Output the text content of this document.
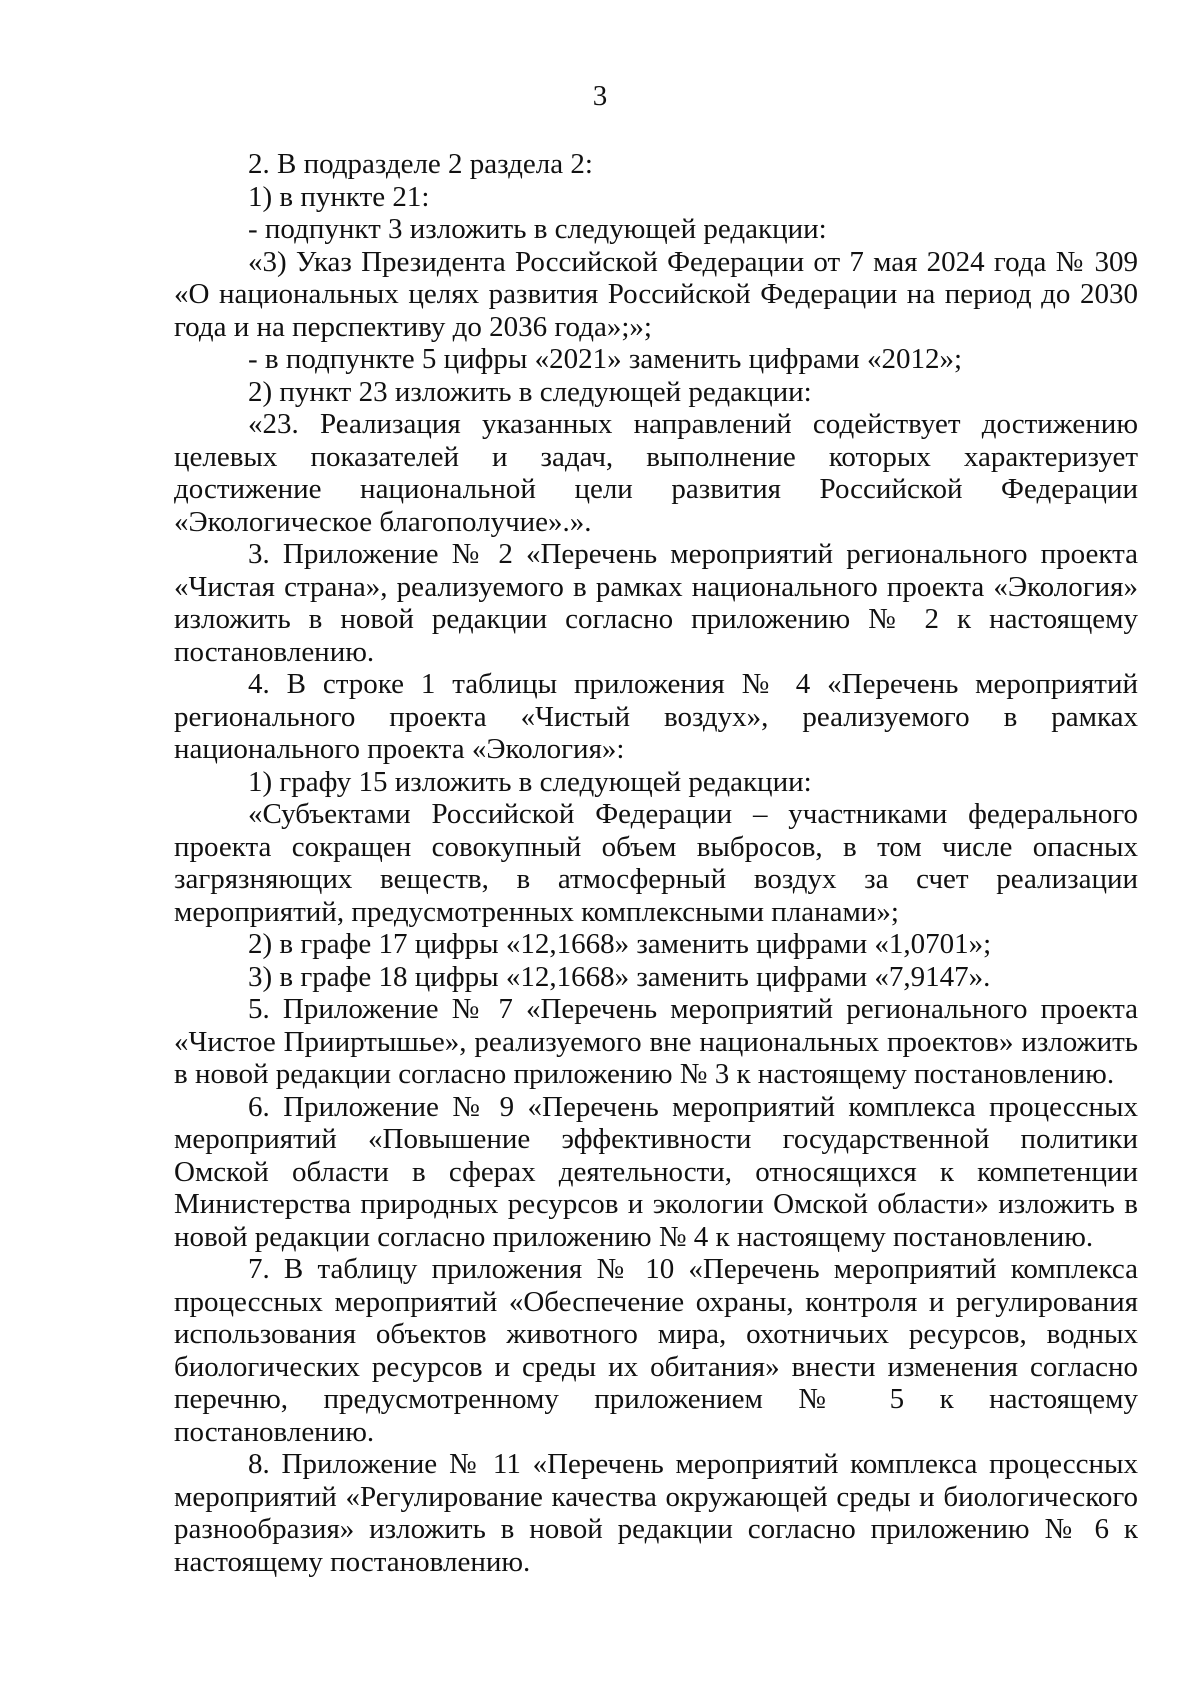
3

2. В подразделе 2 раздела 2:

1) в пункте 21:

- подпункт 3 изложить в следующей редакции:

«3) Указ Президента Российской Федерации от 7 мая 2024 года № 309 «О национальных целях развития Российской Федерации на период до 2030 года и на перспективу до 2036 года»;»;

- в подпункте 5 цифры «2021» заменить цифрами «2012»;

2) пункт 23 изложить в следующей редакции:

«23. Реализация указанных направлений содействует достижению целевых показателей и задач, выполнение которых характеризует достижение национальной цели развития Российской Федерации «Экологическое благополучие».».

3. Приложение № 2 «Перечень мероприятий регионального проекта «Чистая страна», реализуемого в рамках национального проекта «Экология» изложить в новой редакции согласно приложению № 2 к настоящему постановлению.

4. В строке 1 таблицы приложения № 4 «Перечень мероприятий регионального проекта «Чистый воздух», реализуемого в рамках национального проекта «Экология»:

1) графу 15 изложить в следующей редакции:

«Субъектами Российской Федерации – участниками федерального проекта сокращен совокупный объем выбросов, в том числе опасных загрязняющих веществ, в атмосферный воздух за счет реализации мероприятий, предусмотренных комплексными планами»;

2) в графе 17 цифры «12,1668» заменить цифрами «1,0701»;

3) в графе 18 цифры «12,1668» заменить цифрами «7,9147».

5. Приложение № 7 «Перечень мероприятий регионального проекта «Чистое Прииртышье», реализуемого вне национальных проектов» изложить в новой редакции согласно приложению № 3 к настоящему постановлению.

6. Приложение № 9 «Перечень мероприятий комплекса процессных мероприятий «Повышение эффективности государственной политики Омской области в сферах деятельности, относящихся к компетенции Министерства природных ресурсов и экологии Омской области» изложить в новой редакции согласно приложению № 4 к настоящему постановлению.

7. В таблицу приложения № 10 «Перечень мероприятий комплекса процессных мероприятий «Обеспечение охраны, контроля и регулирования использования объектов животного мира, охотничьих ресурсов, водных биологических ресурсов и среды их обитания» внести изменения согласно перечню, предусмотренному приложением № 5 к настоящему постановлению.

8. Приложение № 11 «Перечень мероприятий комплекса процессных мероприятий «Регулирование качества окружающей среды и биологического разнообразия» изложить в новой редакции согласно приложению № 6 к настоящему постановлению.
